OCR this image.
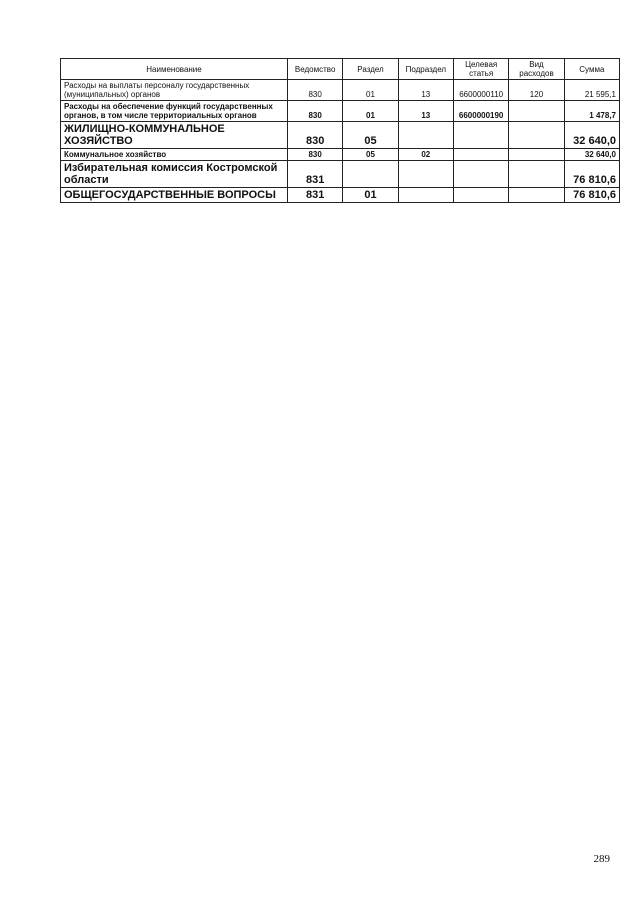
Наименование	Ведомство	Раздел	Подраздел	Целевая статья	Вид расходов	Сумма
Расходы на выплаты персоналу государственных (муниципальных) органов	830	01	13	6600000110	120	21 595,1
Расходы на обеспечение функций государственных органов, в том числе территориальных органов	830	01	13	6600000190		1 478,7
ЖИЛИЩНО-КОММУНАЛЬНОЕ ХОЗЯЙСТВО	830	05				32 640,0
Коммунальное хозяйство	830	05	02			32 640,0
Избирательная комиссия Костромской области	831					76 810,6
ОБЩЕГОСУДАРСТВЕННЫЕ ВОПРОСЫ	831	01				76 810,6
289
